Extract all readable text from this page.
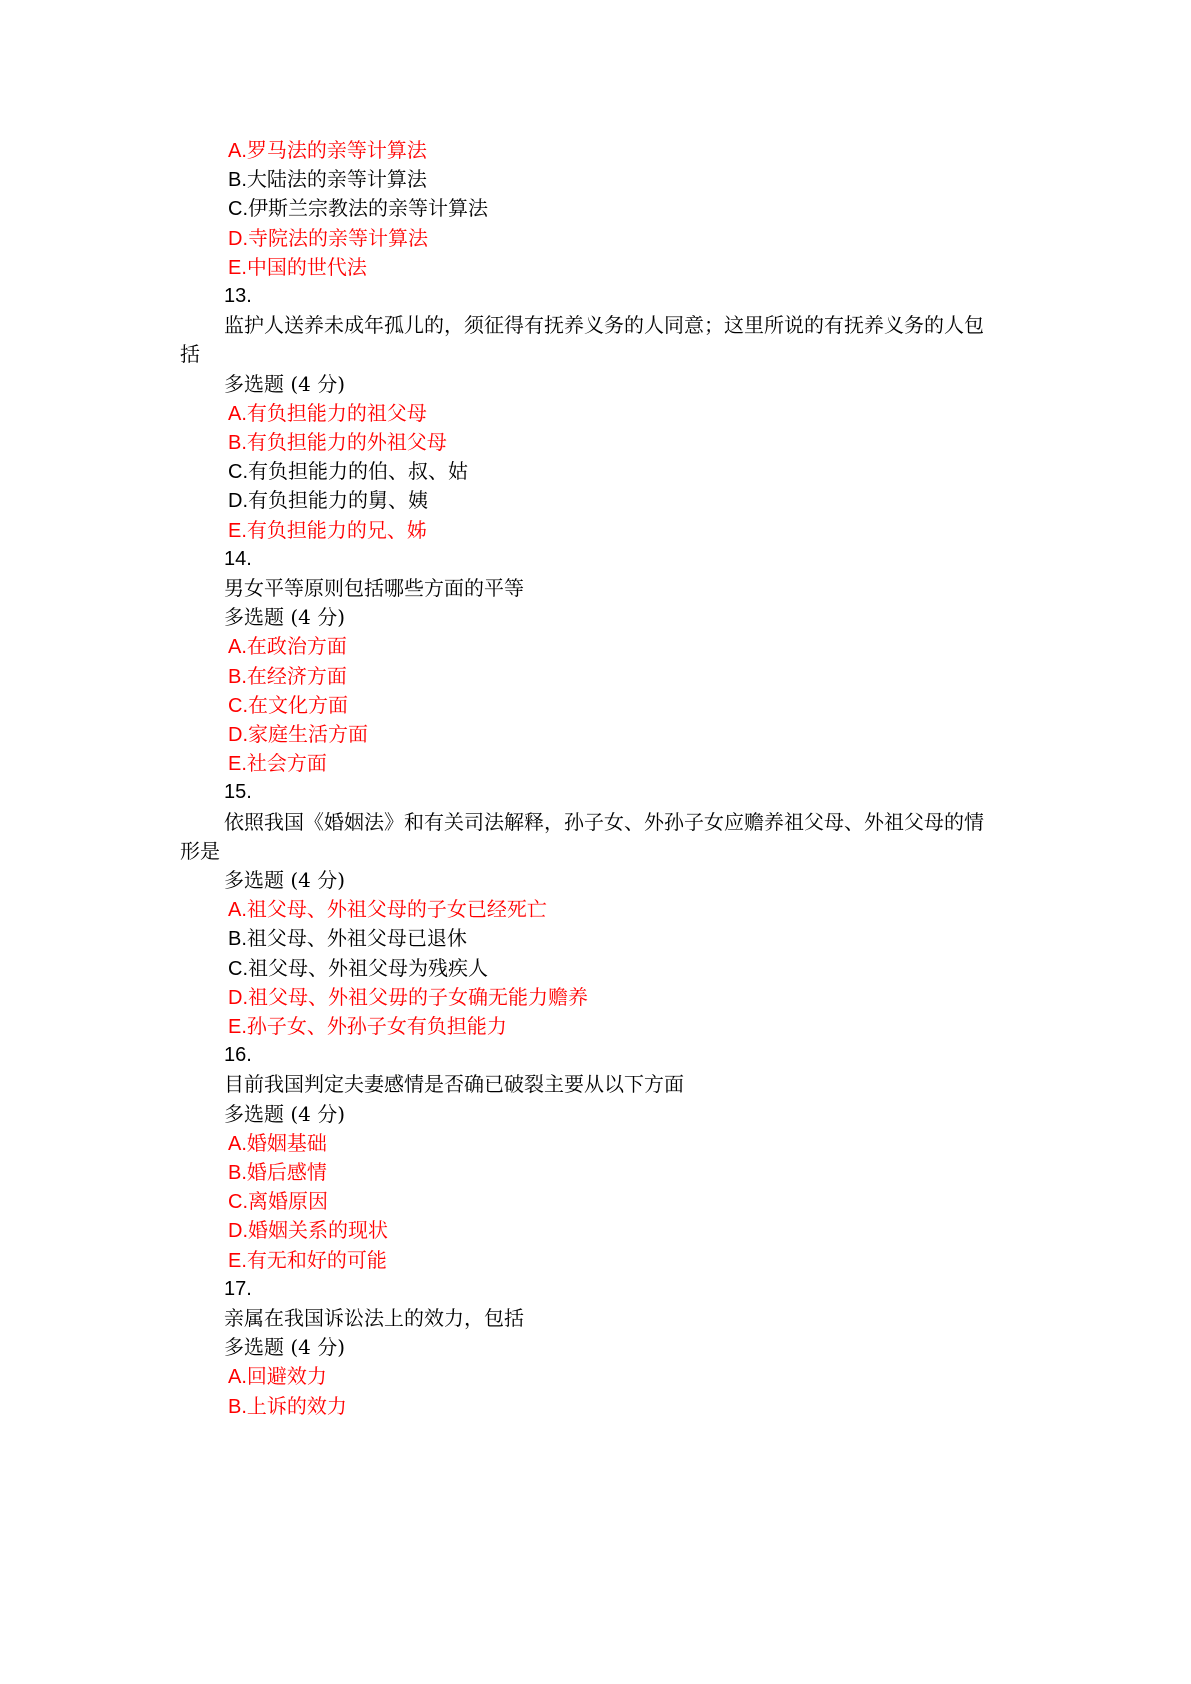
A.罗马法的亲等计算法
B.大陆法的亲等计算法
C.伊斯兰宗教法的亲等计算法
D.寺院法的亲等计算法
E.中国的世代法
13.
监护人送养未成年孤儿的，须征得有抚养义务的人同意；这里所说的有抚养义务的人包
括
多选题 (4 分)
A.有负担能力的祖父母
B.有负担能力的外祖父母
C.有负担能力的伯、叔、姑
D.有负担能力的舅、姨
E.有负担能力的兄、姊
14.
男女平等原则包括哪些方面的平等
多选题 (4 分)
A.在政治方面
B.在经济方面
C.在文化方面
D.家庭生活方面
E.社会方面
15.
依照我国《婚姻法》和有关司法解释，孙子女、外孙子女应赡养祖父母、外祖父母的情
形是
多选题 (4 分)
A.祖父母、外祖父母的子女已经死亡
B.祖父母、外祖父母已退休
C.祖父母、外祖父母为残疾人
D.祖父母、外祖父毋的子女确无能力赡养
E.孙子女、外孙子女有负担能力
16.
目前我国判定夫妻感情是否确已破裂主要从以下方面
多选题 (4 分)
A.婚姻基础
B.婚后感情
C.离婚原因
D.婚姻关系的现状
E.有无和好的可能
17.
亲属在我国诉讼法上的效力，包括
多选题 (4 分)
A.回避效力
B.上诉的效力
